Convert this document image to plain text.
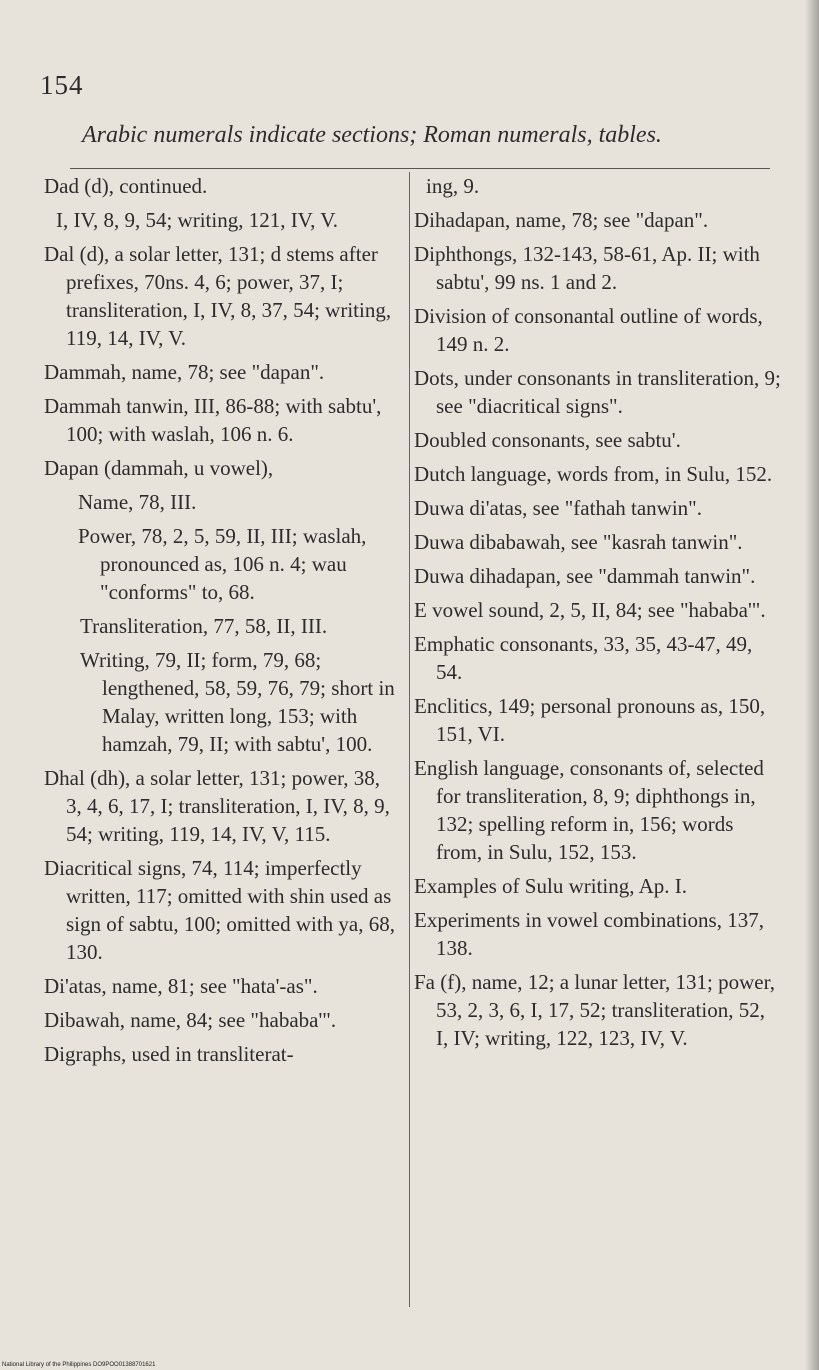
154
Arabic numerals indicate sections; Roman numerals, tables.
Dad (d), continued.
I, IV, 8, 9, 54; writing, 121, IV, V.
Dal (d), a solar letter, 131; d stems after prefixes, 70ns. 4, 6; power, 37, I; transliteration, I, IV, 8, 37, 54; writing, 119, 14, IV, V.
Dammah, name, 78; see "dapan".
Dammah tanwin, III, 86-88; with sabtu', 100; with waslah, 106 n. 6.
Dapan (dammah, u vowel),
Name, 78, III.
Power, 78, 2, 5, 59, II, III; waslah, pronounced as, 106 n. 4; wau "conforms" to, 68.
Transliteration, 77, 58, II, III.
Writing, 79, II; form, 79, 68; lengthened, 58, 59, 76, 79; short in Malay, written long, 153; with hamzah, 79, II; with sabtu', 100.
Dhal (dh), a solar letter, 131; power, 38, 3, 4, 6, 17, I; transliteration, I, IV, 8, 9, 54; writing, 119, 14, IV, V, 115.
Diacritical signs, 74, 114; imperfectly written, 117; omitted with shin used as sign of sabtu, 100; omitted with ya, 68, 130.
Di'atas, name, 81; see "hata'-as".
Dibawah, name, 84; see "hababa'".
Digraphs, used in transliterat-
ing, 9.
Dihadapan, name, 78; see "dapan".
Diphthongs, 132-143, 58-61, Ap. II; with sabtu', 99 ns. 1 and 2.
Division of consonantal outline of words, 149 n. 2.
Dots, under consonants in transliteration, 9; see "diacritical signs".
Doubled consonants, see sabtu'.
Dutch language, words from, in Sulu, 152.
Duwa di'atas, see "fathah tanwin".
Duwa dibabawah, see "kasrah tanwin".
Duwa dihadapan, see "dammah tanwin".
E vowel sound, 2, 5, II, 84; see "hababa'".
Emphatic consonants, 33, 35, 43-47, 49, 54.
Enclitics, 149; personal pronouns as, 150, 151, VI.
English language, consonants of, selected for transliteration, 8, 9; diphthongs in, 132; spelling reform in, 156; words from, in Sulu, 152, 153.
Examples of Sulu writing, Ap. I.
Experiments in vowel combinations, 137, 138.
Fa (f), name, 12; a lunar letter, 131; power, 53, 2, 3, 6, I, 17, 52; transliteration, 52, I, IV; writing, 122, 123, IV, V.
National Library of the Philippines DO9POO01388701621
